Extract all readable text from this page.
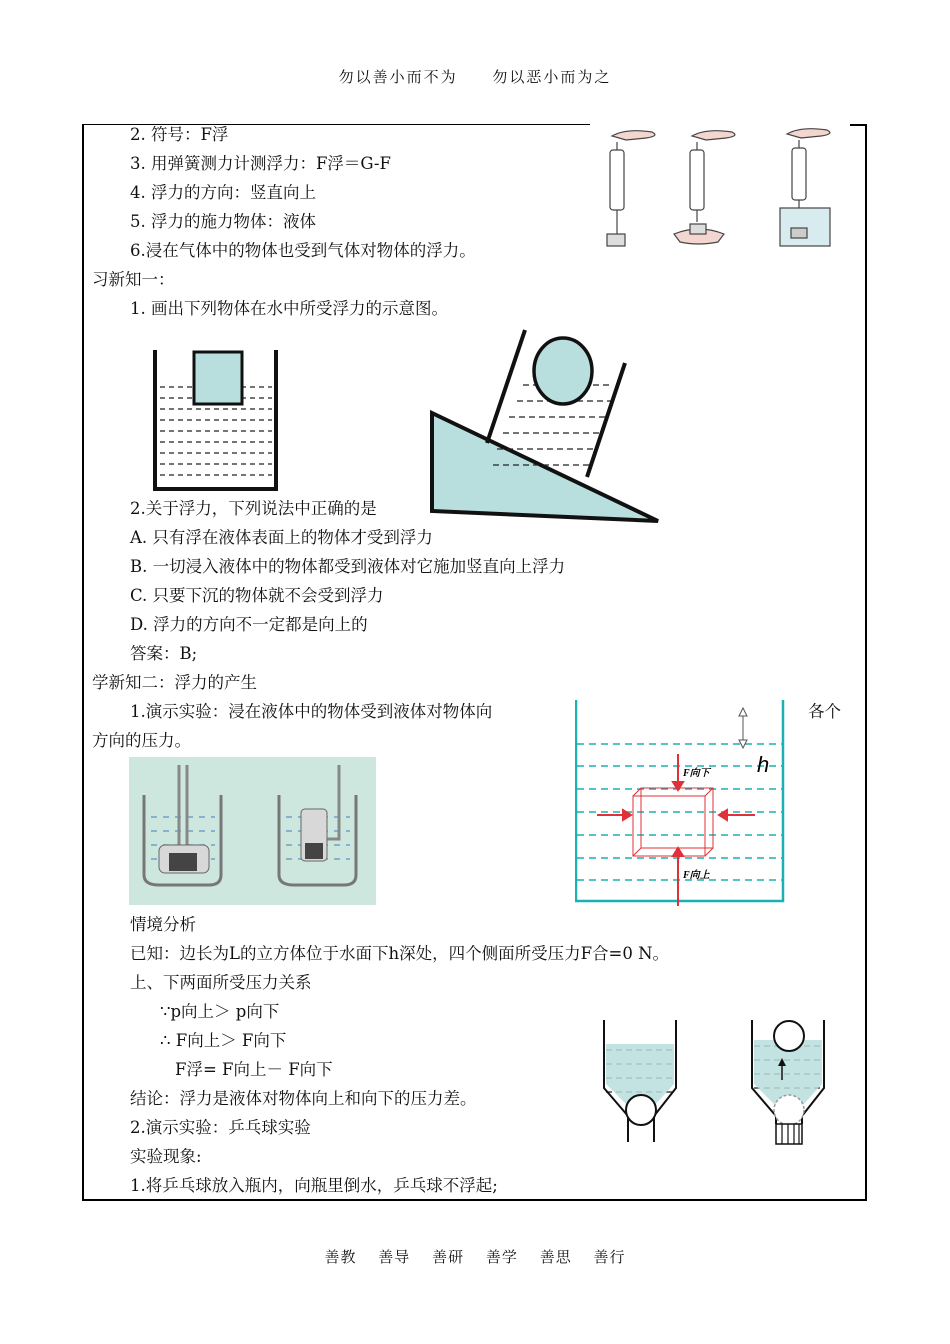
勿以善小而不为 勿以恶小而为之
2. 符号：F浮
3. 用弹簧测力计测浮力：F浮＝G-F
4. 浮力的方向：竖直向上
5. 浮力的施力物体：液体
6.浸在气体中的物体也受到气体对物体的浮力。
习新知一：
1. 画出下列物体在水中所受浮力的示意图。
2.关于浮力，下列说法中正确的是
A. 只有浮在液体表面上的物体才受到浮力
B. 一切浸入液体中的物体都受到液体对它施加竖直向上浮力
C. 只要下沉的物体就不会受到浮力
D. 浮力的方向不一定都是向上的
答案：B;
学新知二：浮力的产生
1.演示实验：浸在液体中的物体受到液体对物体向	各个
方向的压力。
情境分析
已知：边长为L的立方体位于水面下h深处，四个侧面所受压力F合=0 N。
上、下两面所受压力关系
∵p向上＞ p向下
∴ F向上＞ F向下
F浮= F向上－ F向下
结论：浮力是液体对物体向上和向下的压力差。
2.演示实验：乒乓球实验
实验现象:
1.将乒乓球放入瓶内，向瓶里倒水，乒乓球不浮起;
h
F向下
F向上
善教 善导 善研 善学 善思 善行
